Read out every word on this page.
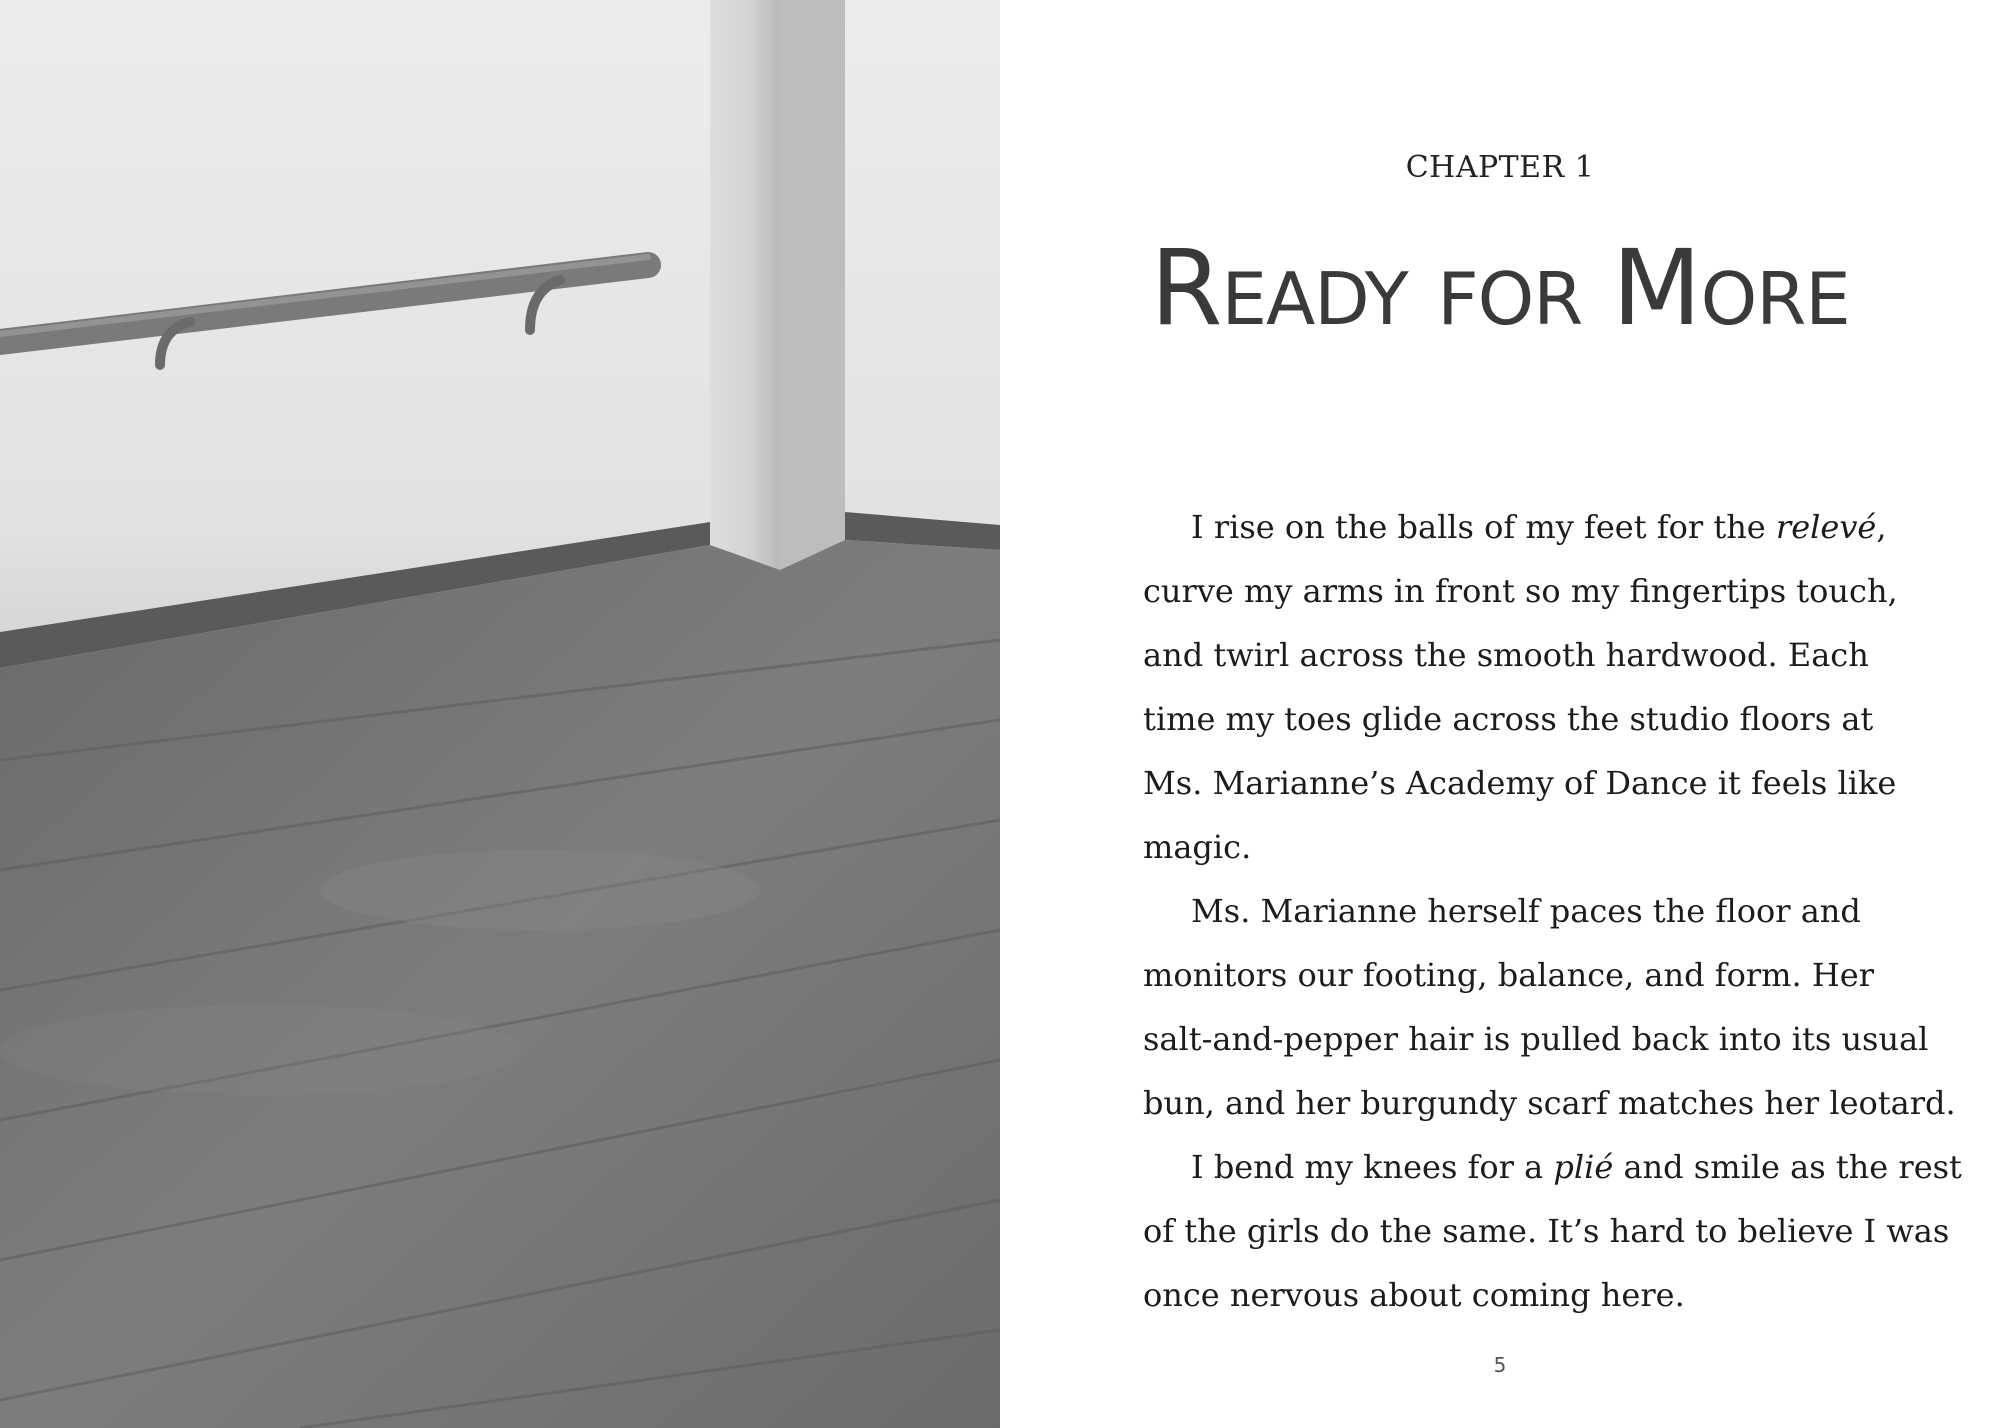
CHAPTER 1
READY FOR MORE
I rise on the balls of my feet for the relevé,
curve my arms in front so my fingertips touch,
and twirl across the smooth hardwood. Each
time my toes glide across the studio floors at
Ms. Marianne’s Academy of Dance it feels like
magic.
Ms. Marianne herself paces the floor and
monitors our footing, balance, and form. Her
salt-and-pepper hair is pulled back into its usual
bun, and her burgundy scarf matches her leotard.
I bend my knees for a plié and smile as the rest
of the girls do the same. It’s hard to believe I was
once nervous about coming here.
5
